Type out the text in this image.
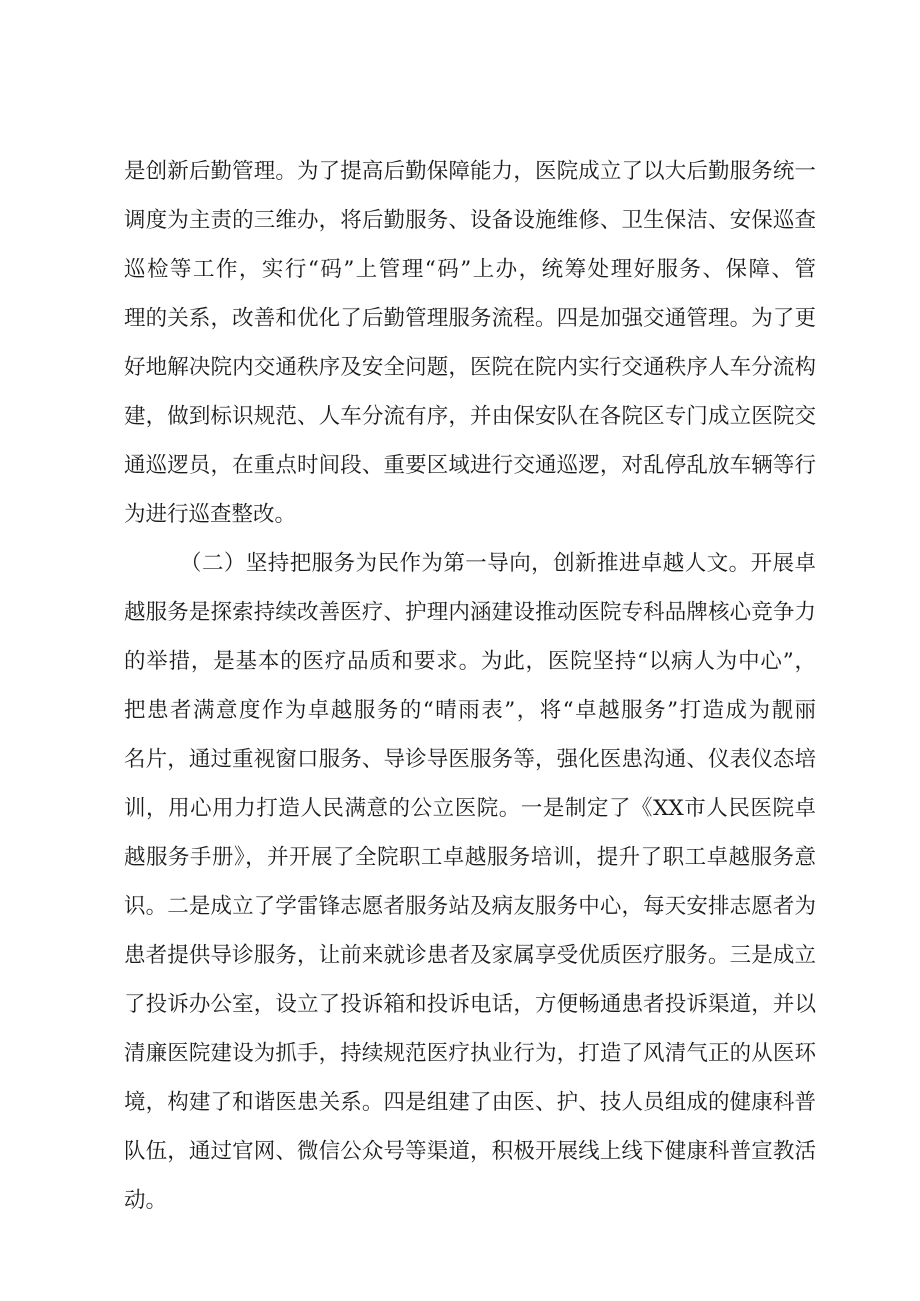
是创新后勤管理。为了提高后勤保障能力，医院成立了以大后勤服务统一
调度为主责的三维办，将后勤服务、设备设施维修、卫生保洁、安保巡查
巡检等工作，实行“码”上管理“码”上办，统筹处理好服务、保障、管
理的关系，改善和优化了后勤管理服务流程。四是加强交通管理。为了更
好地解决院内交通秩序及安全问题，医院在院内实行交通秩序人车分流构
建，做到标识规范、人车分流有序，并由保安队在各院区专门成立医院交
通巡逻员，在重点时间段、重要区域进行交通巡逻，对乱停乱放车辆等行
为进行巡查整改。
（二）坚持把服务为民作为第一导向，创新推进卓越人文。开展卓
越服务是探索持续改善医疗、护理内涵建设推动医院专科品牌核心竞争力
的举措，是基本的医疗品质和要求。为此，医院坚持“以病人为中心”，
把患者满意度作为卓越服务的“晴雨表”，将“卓越服务”打造成为靓丽
名片，通过重视窗口服务、导诊导医服务等，强化医患沟通、仪表仪态培
训，用心用力打造人民满意的公立医院。一是制定了《XX市人民医院卓
越服务手册》，并开展了全院职工卓越服务培训，提升了职工卓越服务意
识。二是成立了学雷锋志愿者服务站及病友服务中心，每天安排志愿者为
患者提供导诊服务，让前来就诊患者及家属享受优质医疗服务。三是成立
了投诉办公室，设立了投诉箱和投诉电话，方便畅通患者投诉渠道，并以
清廉医院建设为抓手，持续规范医疗执业行为，打造了风清气正的从医环
境，构建了和谐医患关系。四是组建了由医、护、技人员组成的健康科普
队伍，通过官网、微信公众号等渠道，积极开展线上线下健康科普宣教活
动。
